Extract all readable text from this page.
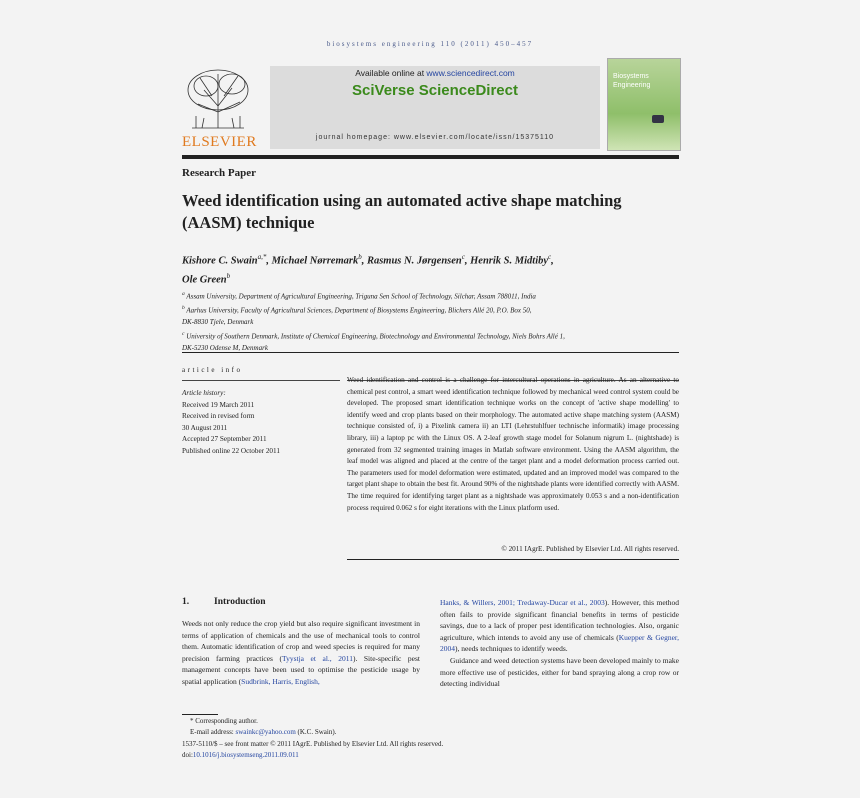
biosystems engineering 110 (2011) 450–457
ELSEVIER
Available online at www.sciencedirect.com
SciVerse ScienceDirect
journal homepage: www.elsevier.com/locate/issn/15375110
Biosystems Engineering
Research Paper
Weed identification using an automated active shape matching (AASM) technique
Kishore C. Swain$^{a,*}$, Michael Nørremark$^b$, Rasmus N. Jørgensen$^c$, Henrik S. Midtiby$^c$,
Ole Green$^b$
$^a$ Assam University, Department of Agricultural Engineering, Triguna Sen School of Technology, Silchar, Assam 788011, India
$^b$ Aarhus University, Faculty of Agricultural Sciences, Department of Biosystems Engineering, Blichers Allé 20, P.O. Box 50,
DK-8830 Tjele, Denmark
$^c$ University of Southern Denmark, Institute of Chemical Engineering, Biotechnology and Environmental Technology, Niels Bohrs Allé 1,
DK-5230 Odense M, Denmark
article info
Article history:
Received 19 March 2011
Received in revised form
30 August 2011
Accepted 27 September 2011
Published online 22 October 2011
Weed identification and control is a challenge for intercultural operations in agriculture. As an alternative to chemical pest control, a smart weed identification technique followed by mechanical weed control system could be developed. The proposed smart identification technique works on the concept of 'active shape modelling' to identify weed and crop plants based on their morphology. The automated active shape matching system (AASM) technique consisted of, i) a Pixelink camera ii) an LTI (Lehrstuhlfuer technische informatik) image processing library, iii) a laptop pc with the Linux OS. A 2-leaf growth stage model for Solanum nigrum L. (nightshade) is generated from 32 segmented training images in Matlab software environment. Using the AASM algorithm, the leaf model was aligned and placed at the centre of the target plant and a model deformation process carried out. The parameters used for model deformation were estimated, updated and an improved model was compared to the target plant shape to obtain the best fit. Around 90% of the nightshade plants were identified correctly with AASM. The time required for identifying target plant as a nightshade was approximately 0.053 s and a non-identification process required 0.062 s for eight iterations with the Linux platform used.
© 2011 IAgrE. Published by Elsevier Ltd. All rights reserved.
1.	Introduction

Weeds not only reduce the crop yield but also require significant investment in terms of application of chemicals and the use of mechanical tools to control them. Automatic identification of crop and weed species is required for many precision farming practices (Tyystja et al., 2011). Site-specific pest management concepts have been used to optimise the pesticide usage by spatial application (Sudbrink, Harris, English,

Hanks, & Willers, 2001; Tredaway-Ducar et al., 2003). However, this method often fails to provide significant financial benefits in terms of pesticide savings, due to a lack of proper pest identification technologies. Also, organic agriculture, which intends to avoid any use of chemicals (Kuepper & Gegner, 2004), needs techniques to identify weeds.

Guidance and weed detection systems have been developed mainly to make more effective use of pesticides, either for band spraying along a crop row or detecting individual

* Corresponding author.
E-mail address: swainkc@yahoo.com (K.C. Swain).
1537-5110/$ – see front matter © 2011 IAgrE. Published by Elsevier Ltd. All rights reserved.
doi:10.1016/j.biosystemseng.2011.09.011
